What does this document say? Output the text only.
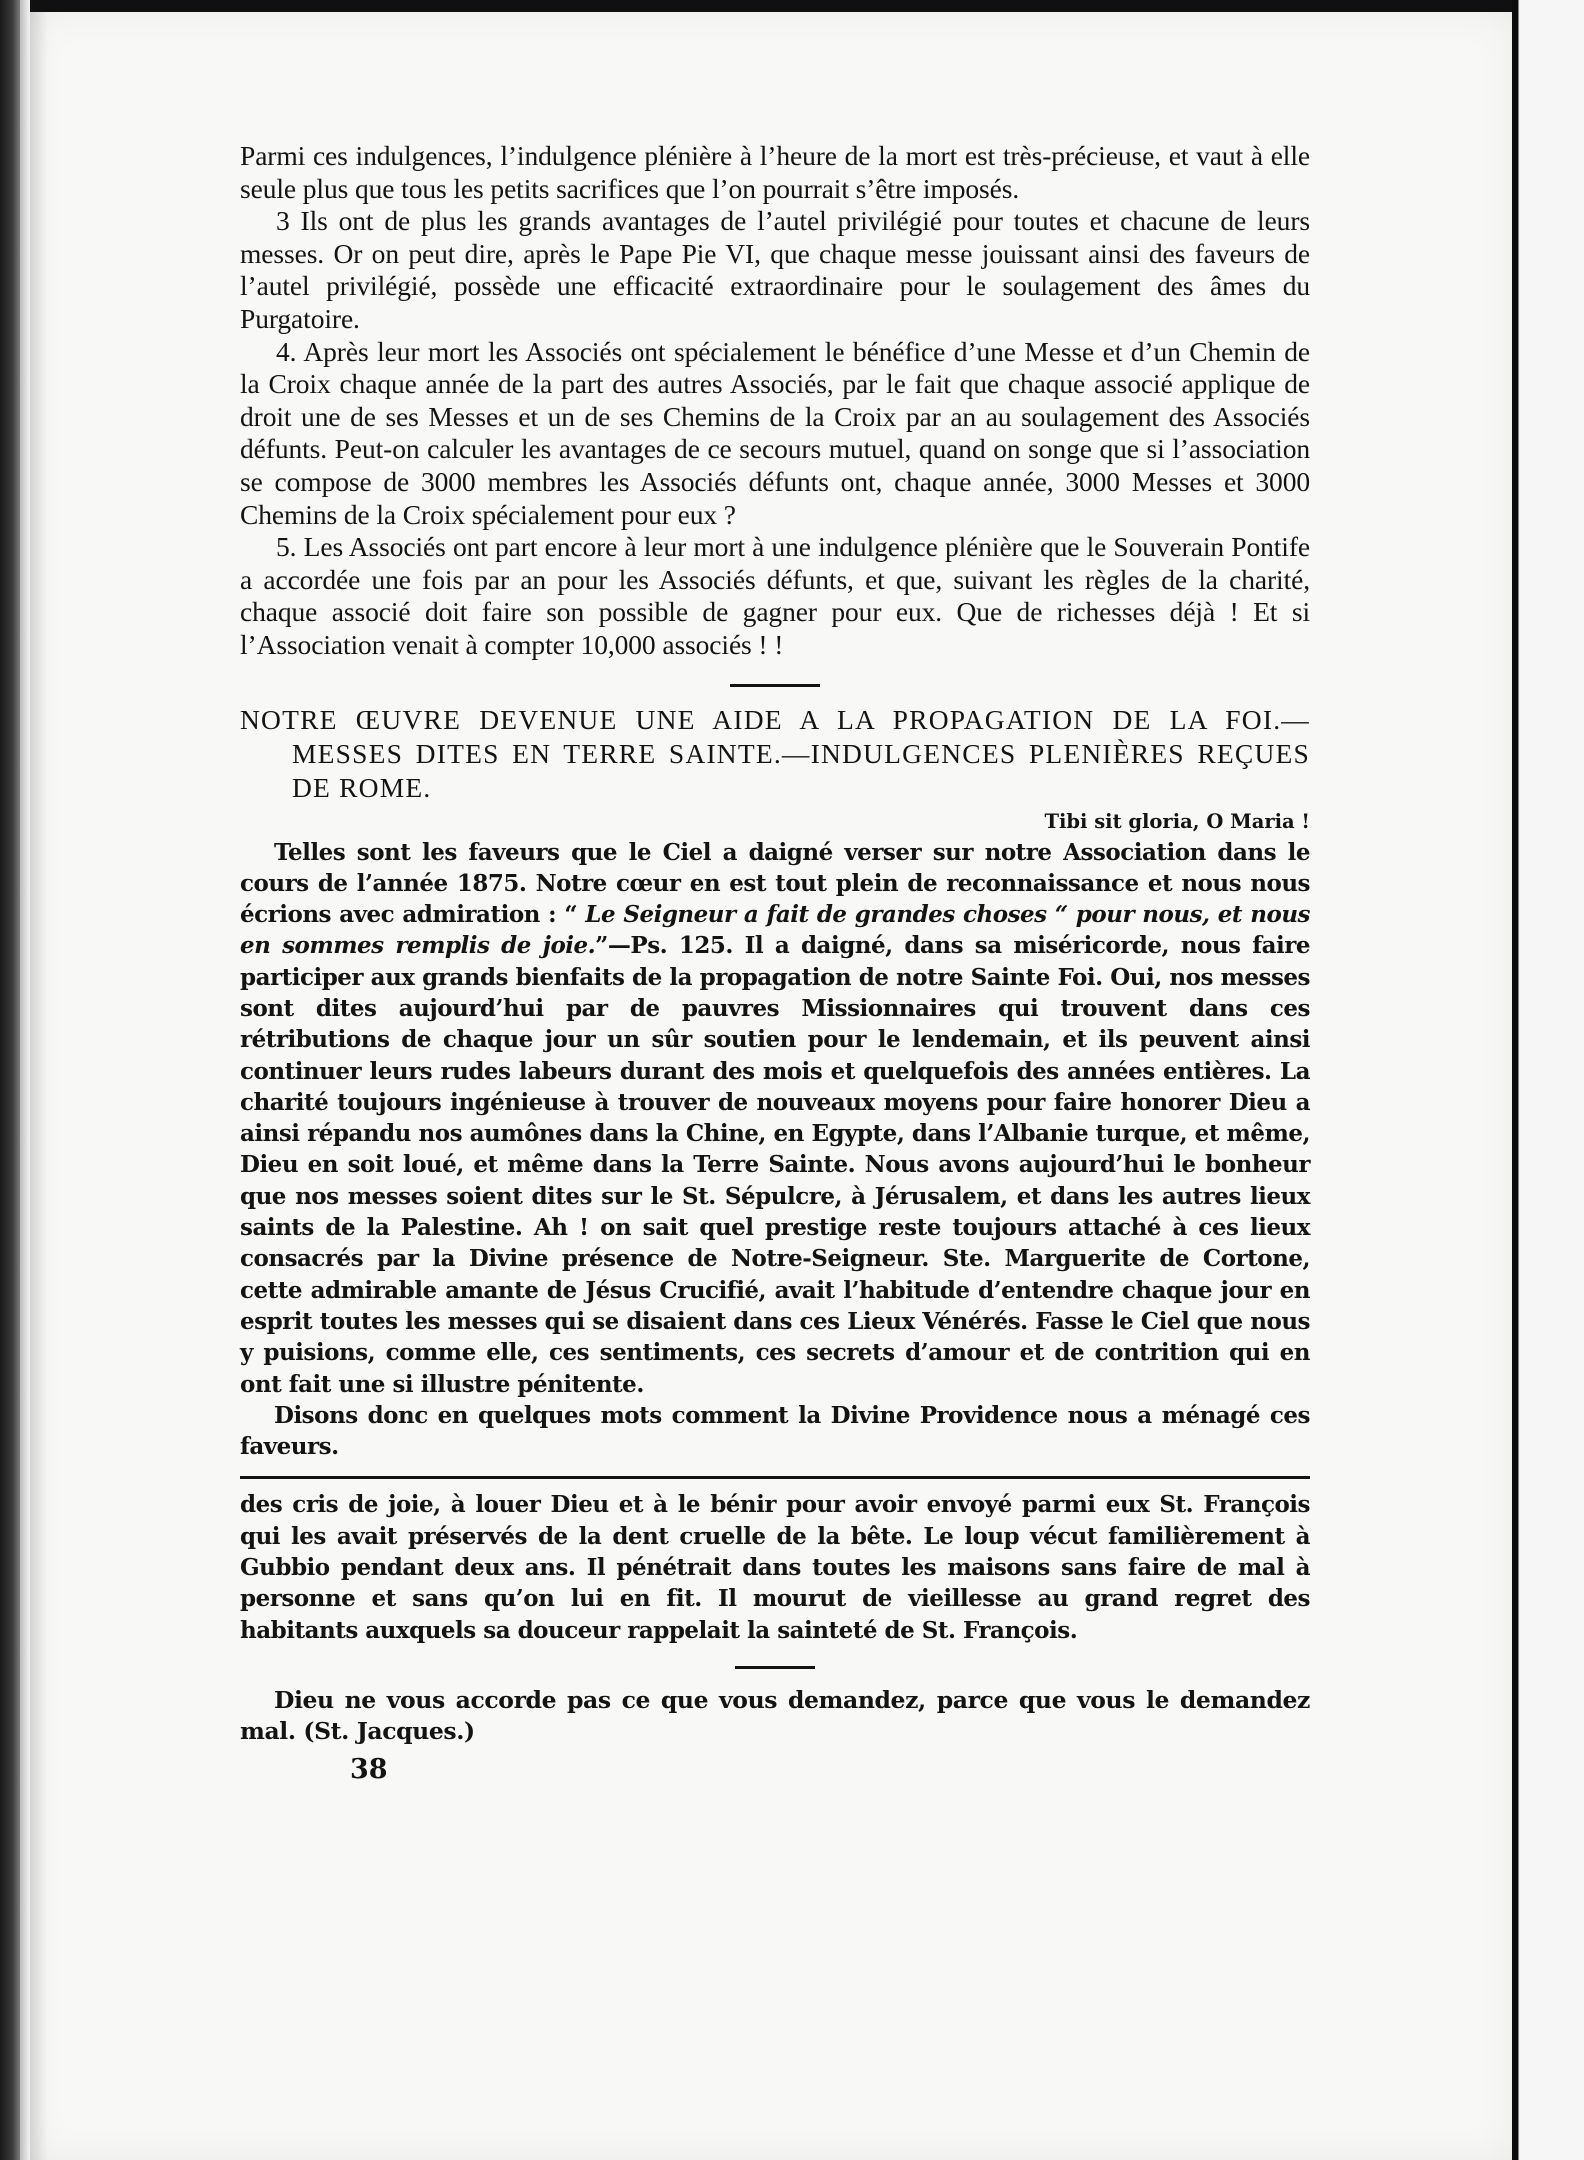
Parmi ces indulgences, l’indulgence plénière à l’heure de la mort est très-précieuse, et vaut à elle seule plus que tous les petits sacrifices que l’on pourrait s’être imposés.

3 Ils ont de plus les grands avantages de l’autel privilégié pour toutes et chacune de leurs messes. Or on peut dire, après le Pape Pie VI, que chaque messe jouissant ainsi des faveurs de l’autel privilégié, possède une efficacité extraordinaire pour le soulagement des âmes du Purgatoire.

4. Après leur mort les Associés ont spécialement le bénéfice d’une Messe et d’un Chemin de la Croix chaque année de la part des autres Associés, par le fait que chaque associé applique de droit une de ses Messes et un de ses Chemins de la Croix par an au soulagement des Associés défunts. Peut-on calculer les avantages de ce secours mutuel, quand on songe que si l’association se compose de 3000 membres les Associés défunts ont, chaque année, 3000 Messes et 3000 Chemins de la Croix spécialement pour eux ?

5. Les Associés ont part encore à leur mort à une indulgence plénière que le Souverain Pontife a accordée une fois par an pour les Associés défunts, et que, suivant les règles de la charité, chaque associé doit faire son possible de gagner pour eux. Que de richesses déjà ! Et si l’Association venait à compter 10,000 associés ! !

NOTRE ŒUVRE DEVENUE UNE AIDE A LA PROPAGATION DE LA FOI.—MESSES DITES EN TERRE SAINTE.—INDULGENCES PLENIÈRES REÇUES DE ROME.

Tibi sit gloria, O Maria !

Telles sont les faveurs que le Ciel a daigné verser sur notre Association dans le cours de l’année 1875. Notre cœur en est tout plein de reconnaissance et nous nous écrions avec admiration : “ Le Seigneur a fait de grandes choses “ pour nous, et nous en sommes remplis de joie.”—Ps. 125. Il a daigné, dans sa miséricorde, nous faire participer aux grands bienfaits de la propagation de notre Sainte Foi. Oui, nos messes sont dites aujourd’hui par de pauvres Missionnaires qui trouvent dans ces rétributions de chaque jour un sûr soutien pour le lendemain, et ils peuvent ainsi continuer leurs rudes labeurs durant des mois et quelquefois des années entières. La charité toujours ingénieuse à trouver de nouveaux moyens pour faire honorer Dieu a ainsi répandu nos aumônes dans la Chine, en Egypte, dans l’Albanie turque, et même, Dieu en soit loué, et même dans la Terre Sainte. Nous avons aujourd’hui le bonheur que nos messes soient dites sur le St. Sépulcre, à Jérusalem, et dans les autres lieux saints de la Palestine. Ah ! on sait quel prestige reste toujours attaché à ces lieux consacrés par la Divine présence de Notre-Seigneur. Ste. Marguerite de Cortone, cette admirable amante de Jésus Crucifié, avait l’habitude d’entendre chaque jour en esprit toutes les messes qui se disaient dans ces Lieux Vénérés. Fasse le Ciel que nous y puisions, comme elle, ces sentiments, ces secrets d’amour et de contrition qui en ont fait une si illustre pénitente.

Disons donc en quelques mots comment la Divine Providence nous a ménagé ces faveurs.

des cris de joie, à louer Dieu et à le bénir pour avoir envoyé parmi eux St. François qui les avait préservés de la dent cruelle de la bête. Le loup vécut familièrement à Gubbio pendant deux ans. Il pénétrait dans toutes les maisons sans faire de mal à personne et sans qu’on lui en fit. Il mourut de vieillesse au grand regret des habitants auxquels sa douceur rappelait la sainteté de St. François.

Dieu ne vous accorde pas ce que vous demandez, parce que vous le demandez mal. (St. Jacques.)

38
